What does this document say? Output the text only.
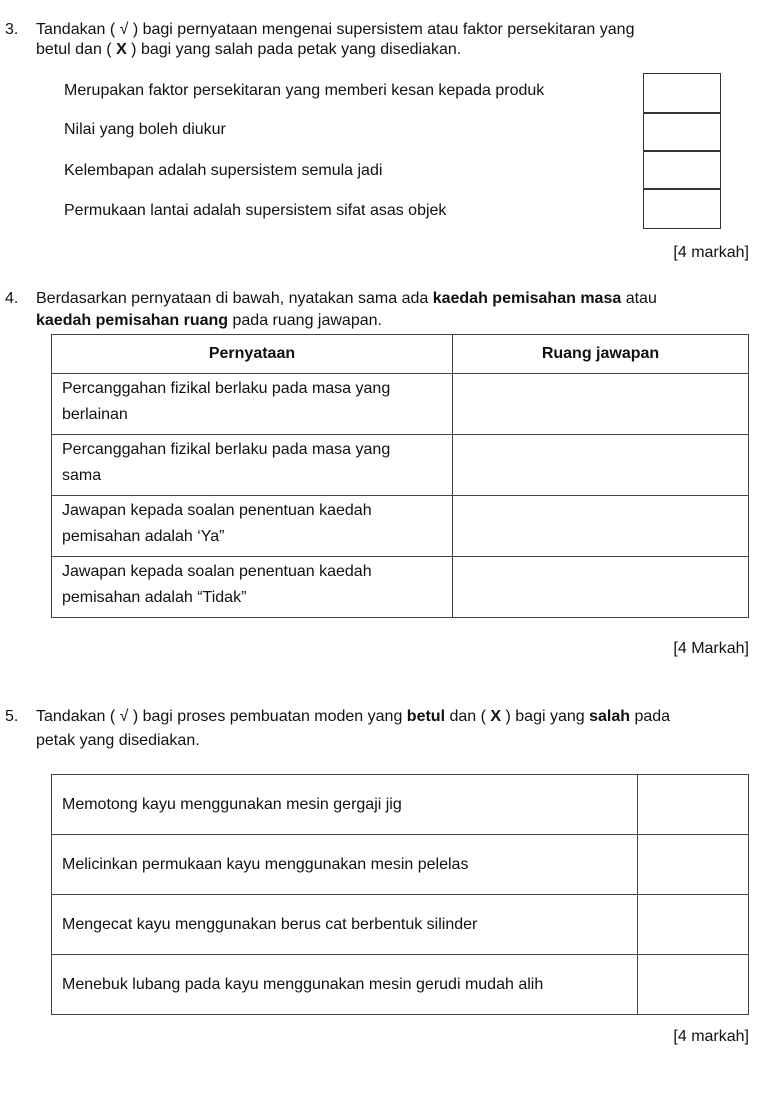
3. Tandakan ( √ ) bagi pernyataan mengenai supersistem atau faktor persekitaran yang
betul dan ( X ) bagi yang salah pada petak yang disediakan.
Merupakan faktor persekitaran yang memberi kesan kepada produk
Nilai yang boleh diukur
Kelembapan adalah supersistem semula jadi
Permukaan lantai adalah supersistem sifat asas objek
[4 markah]
4. Berdasarkan pernyataan di bawah, nyatakan sama ada kaedah pemisahan masa atau
kaedah pemisahan ruang pada ruang jawapan.
Pernyataan	Ruang jawapan
Percanggahan fizikal berlaku pada masa yang
berlainan	
Percanggahan fizikal berlaku pada masa yang
sama	
Jawapan kepada soalan penentuan kaedah
pemisahan adalah ‘Ya”	
Jawapan kepada soalan penentuan kaedah
pemisahan adalah “Tidak”	
[4 Markah]
5. Tandakan ( √ ) bagi proses pembuatan moden yang betul dan ( X ) bagi yang salah pada
petak yang disediakan.
Memotong kayu menggunakan mesin gergaji jig	
Melicinkan permukaan kayu menggunakan mesin pelelas	
Mengecat kayu menggunakan berus cat berbentuk silinder	
Menebuk lubang pada kayu menggunakan mesin gerudi mudah alih	
[4 markah]
